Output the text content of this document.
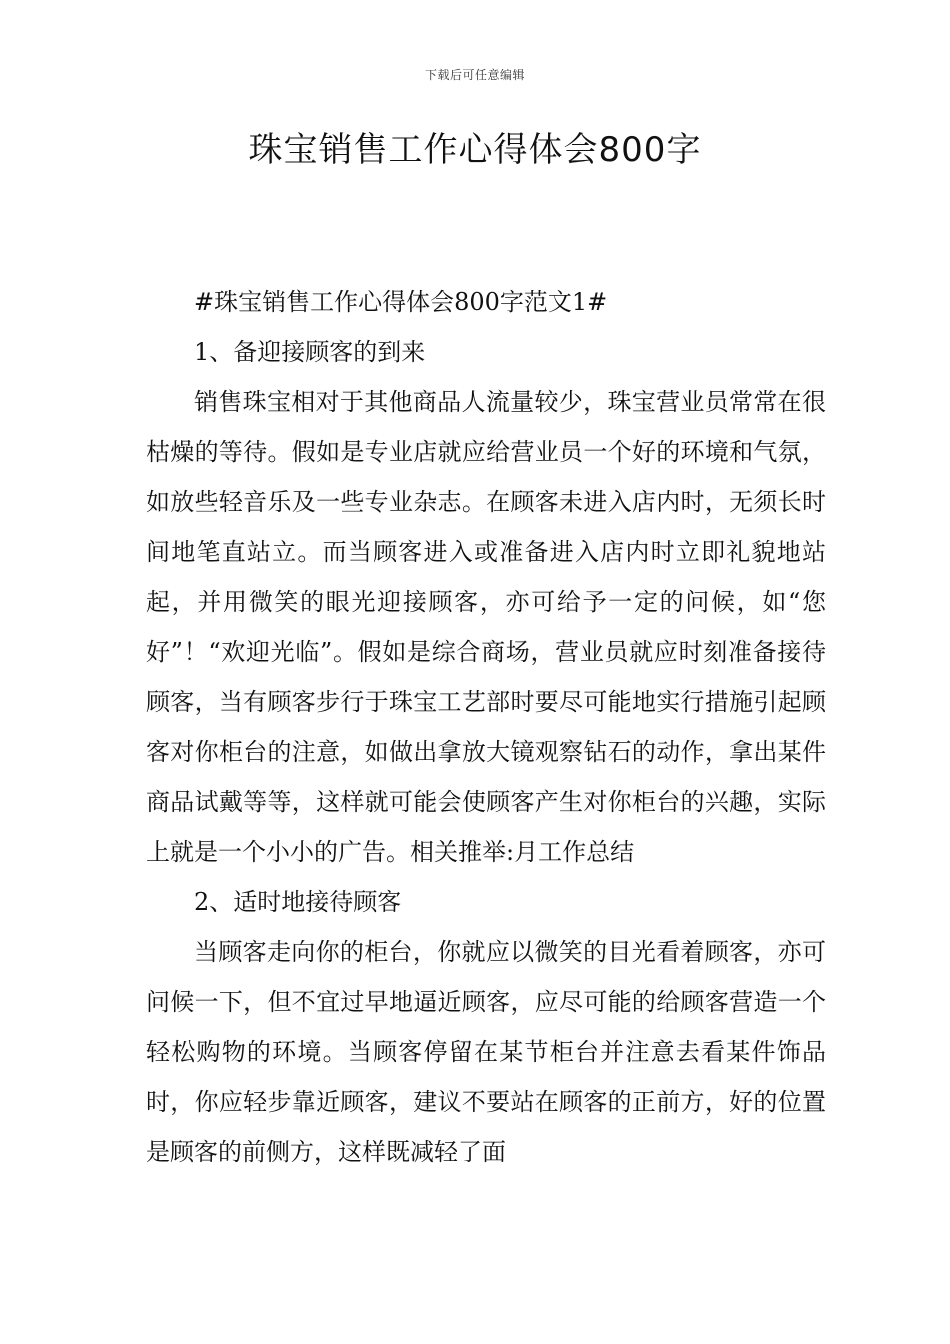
下载后可任意编辑
珠宝销售工作心得体会800字

#珠宝销售工作心得体会800字范文1#

1、备迎接顾客的到来

销售珠宝相对于其他商品人流量较少，珠宝营业员常常在很枯燥的等待。假如是专业店就应给营业员一个好的环境和气氛，如放些轻音乐及一些专业杂志。在顾客未进入店内时，无须长时间地笔直站立。而当顾客进入或准备进入店内时立即礼貌地站起，并用微笑的眼光迎接顾客，亦可给予一定的问候，如“您好”！“欢迎光临”。假如是综合商场，营业员就应时刻准备接待顾客，当有顾客步行于珠宝工艺部时要尽可能地实行措施引起顾客对你柜台的注意，如做出拿放大镜观察钻石的动作，拿出某件商品试戴等等，这样就可能会使顾客产生对你柜台的兴趣，实际上就是一个小小的广告。相关推举:月工作总结

2、适时地接待顾客

当顾客走向你的柜台，你就应以微笑的目光看着顾客，亦可问候一下，但不宜过早地逼近顾客，应尽可能的给顾客营造一个轻松购物的环境。当顾客停留在某节柜台并注意去看某件饰品时，你应轻步靠近顾客，建议不要站在顾客的正前方，好的位置是顾客的前侧方，这样既减轻了面
